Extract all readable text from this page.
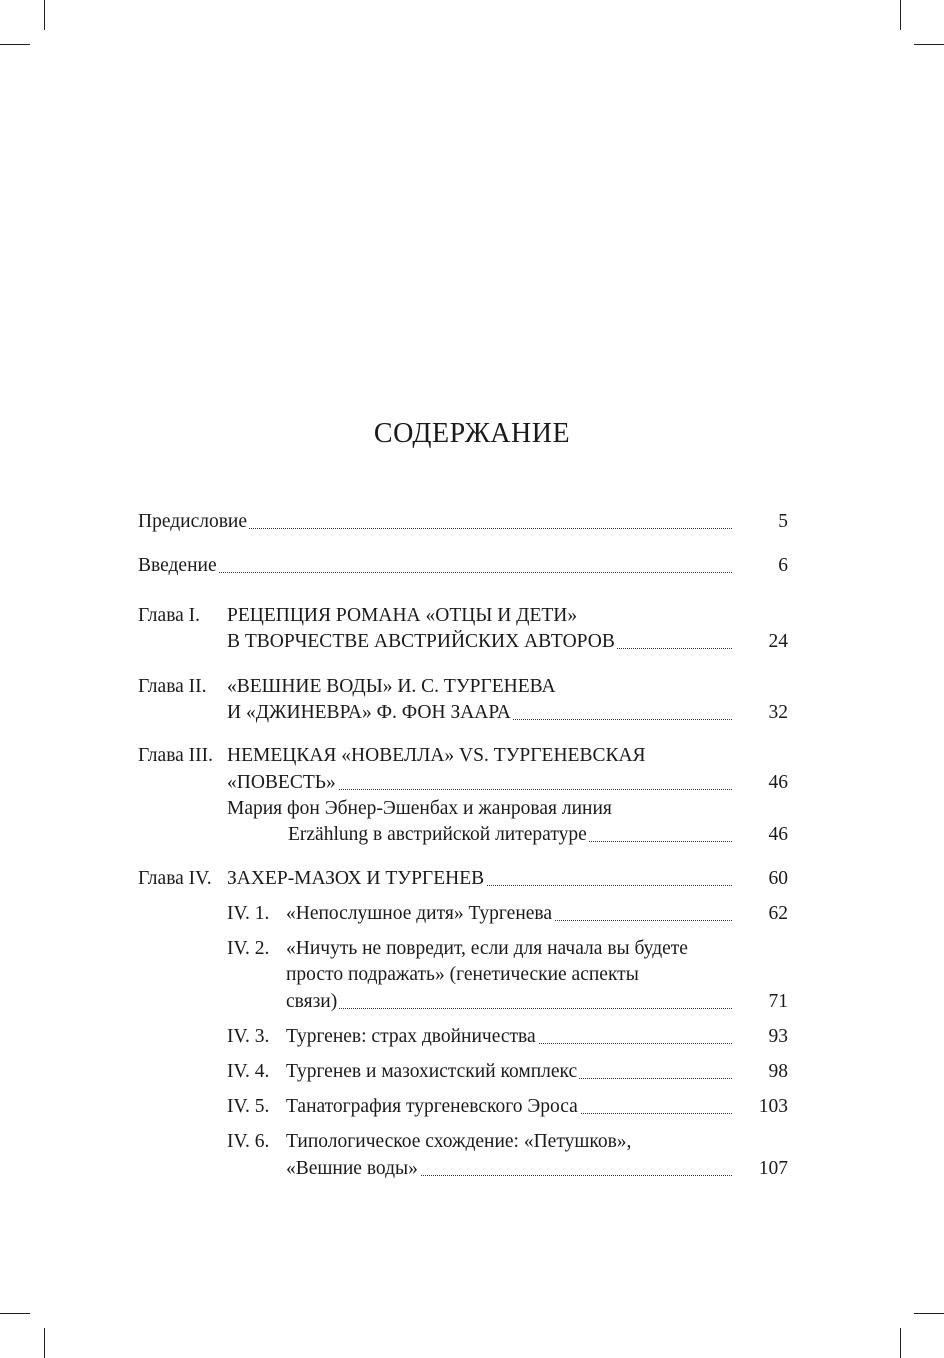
СОДЕРЖАНИЕ
Предисловие	5
Введение	6
Глава I. РЕЦЕПЦИЯ РОМАНА «ОТЦЫ И ДЕТИ»
В ТВОРЧЕСТВЕ АВСТРИЙСКИХ АВТОРОВ	24
Глава II. «ВЕШНИЕ ВОДЫ» И. С. ТУРГЕНЕВА
И «ДЖИНЕВРА» Ф. ФОН ЗААРА	32
Глава III. НЕМЕЦКАЯ «НОВЕЛЛА» VS. ТУРГЕНЕВСКАЯ
«ПОВЕСТЬ»	46
Мария фон Эбнер-Эшенбах и жанровая линия
Erzählung в австрийской литературе	46
Глава IV. ЗАХЕР-МАЗОХ И ТУРГЕНЕВ	60
IV. 1. «Непослушное дитя» Тургенева	62
IV. 2. «Ничуть не повредит, если для начала вы будете
просто подражать» (генетические аспекты
связи)	71
IV. 3. Тургенев: страх двойничества	93
IV. 4. Тургенев и мазохистский комплекс	98
IV. 5. Танатография тургеневского Эроса	103
IV. 6. Типологическое схождение: «Петушков»,
«Вешние воды»	107
